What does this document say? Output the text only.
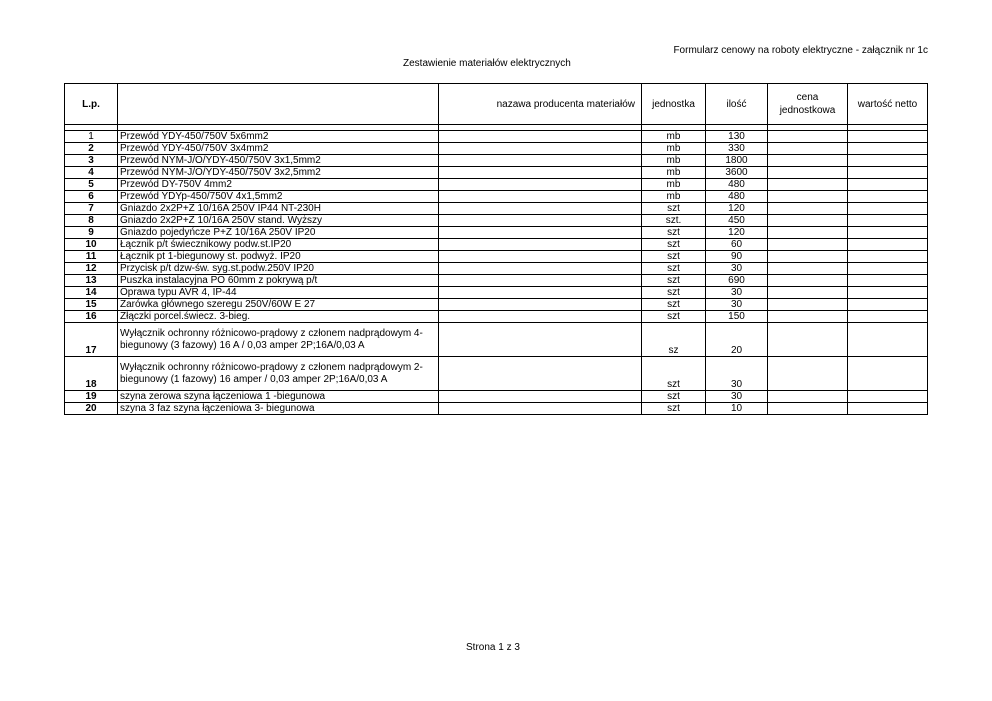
Formularz cenowy na roboty elektryczne - załącznik nr 1c
Zestawienie materiałów elektrycznych
L.p.		nazawa producenta materiałów	jednostka	ilość	cena jednostkowa	wartość netto

1	Przewód YDY-450/750V 5x6mm2		mb	130		
2	Przewód YDY-450/750V 3x4mm2		mb	330		
3	Przewód NYM-J/O/YDY-450/750V 3x1,5mm2		mb	1800		
4	Przewód NYM-J/O/YDY-450/750V 3x2,5mm2		mb	3600		
5	Przewód DY-750V 4mm2		mb	480		
6	Przewód YDYp-450/750V 4x1,5mm2		mb	480		
7	Gniazdo 2x2P+Z 10/16A 250V IP44 NT-230H		szt	120		
8	Gniazdo 2x2P+Z 10/16A 250V stand. Wyższy		szt.	450		
9	Gniazdo pojedyńcze P+Z 10/16A 250V IP20		szt	120		
10	Łącznik p/t świecznikowy podw.st.IP20		szt	60		
11	Łącznik pt 1-biegunowy st. podwyż. IP20		szt	90		
12	Przycisk p/t dzw-św. syg.st.podw.250V IP20		szt	30		
13	Puszka instalacyjna PO 60mm z pokrywą p/t		szt	690		
14	Oprawa typu AVR 4, IP-44		szt	30		
15	Żarówka głównego szeregu 250V/60W E 27		szt	30		
16	Złączki porcel.świecz. 3-bieg.		szt	150		
17	Wyłącznik ochronny różnicowo-prądowy z członem nadprądowym 4-biegunowy (3 fazowy) 16 A / 0,03 amper 2P;16A/0,03 A		sz	20		
18	Wyłącznik ochronny różnicowo-prądowy z członem nadprądowym 2-biegunowy (1 fazowy) 16 amper / 0,03 amper 2P;16A/0,03 A		szt	30		
19	szyna zerowa szyna łączeniowa 1 -biegunowa		szt	30		
20	szyna 3 faz szyna łączeniowa 3- biegunowa		szt	10		
Strona 1 z 3
